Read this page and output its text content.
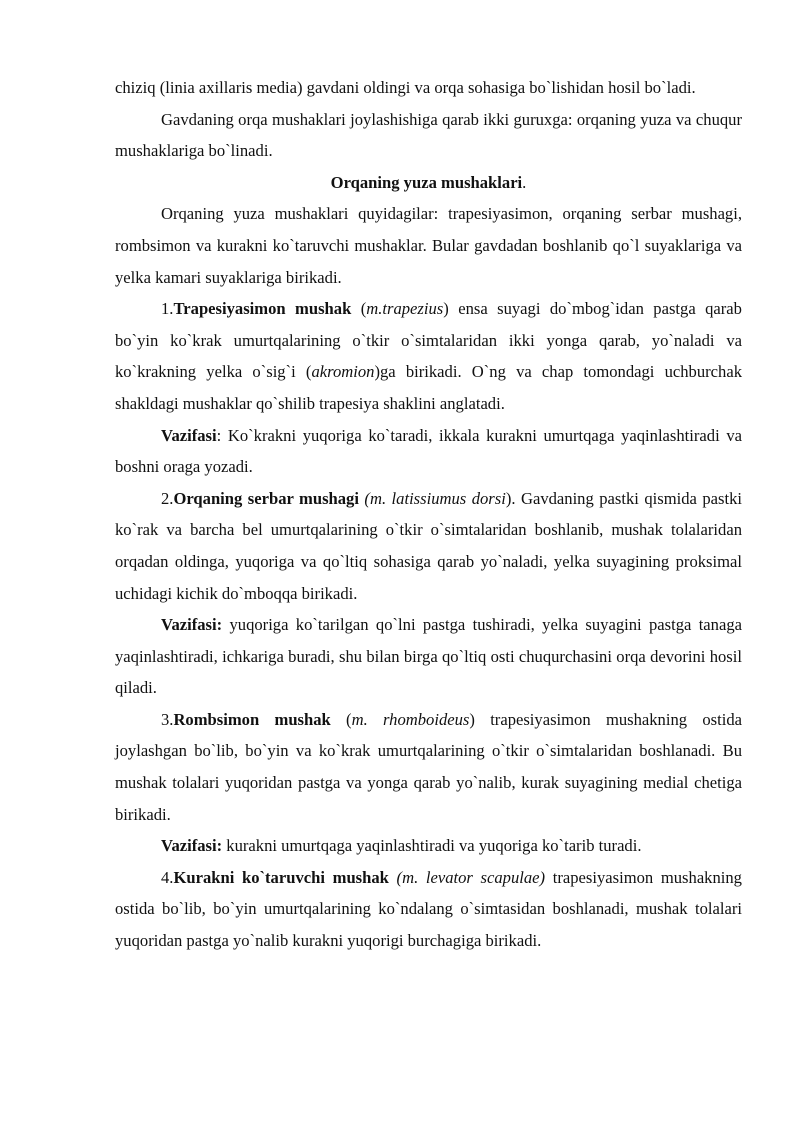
chiziq (linia axillaris media) gavdani oldingi va orqa sohasiga bo`lishidan hosil bo`ladi.

Gavdaning orqa mushaklari joylashishiga qarab ikki guruxga: orqaning yuza va chuqur mushaklariga bo`linadi.

Orqaning yuza mushaklari.

Orqaning yuza mushaklari quyidagilar: trapesiyasimon, orqaning serbar mushagi, rombsimon va kurakni ko`taruvchi mushaklar. Bular gavdadan boshlanib qo`l suyaklariga va yelka kamari suyaklariga birikadi.

1.Trapesiyasimon mushak (m.trapezius) ensa suyagi do`mbog`idan pastga qarab bo`yin ko`krak umurtqalarining o`tkir o`simtalaridan ikki yonga qarab, yo`naladi va ko`krakning yelka o`sig`i (akromion)ga birikadi. O`ng va chap tomondagi uchburchak shakldagi mushaklar qo`shilib trapesiya shaklini anglatadi.

Vazifasi: Ko`krakni yuqoriga ko`taradi, ikkala kurakni umurtqaga yaqinlashtiradi va boshni oraga yozadi.

2.Orqaning serbar mushagi (m. latissiumus dorsi). Gavdaning pastki qismida pastki ko`rak va barcha bel umurtqalarining o`tkir o`simtalaridan boshlanib, mushak tolalaridan orqadan oldinga, yuqoriga va qo`ltiq sohasiga qarab yo`naladi, yelka suyagining proksimal uchidagi kichik do`mboqqa birikadi.

Vazifasi: yuqoriga ko`tarilgan qo`lni pastga tushiradi, yelka suyagini pastga tanaga yaqinlashtiradi, ichkariga buradi, shu bilan birga qo`ltiq osti chuqurchasini orqa devorini hosil qiladi.

3.Rombsimon mushak (m. rhomboideus) trapesiyasimon mushakning ostida joylashgan bo`lib, bo`yin va ko`krak umurtqalarining o`tkir o`simtalaridan boshlanadi. Bu mushak tolalari yuqoridan pastga va yonga qarab yo`nalib, kurak suyagining medial chetiga birikadi.

Vazifasi: kurakni umurtqaga yaqinlashtiradi va yuqoriga ko`tarib turadi.

4.Kurakni ko`taruvchi mushak (m. levator scapulae) trapesiyasimon mushakning ostida bo`lib, bo`yin umurtqalarining ko`ndalang o`simtasidan boshlanadi, mushak tolalari yuqoridan pastga yo`nalib kurakni yuqorigi burchagiga birikadi.
